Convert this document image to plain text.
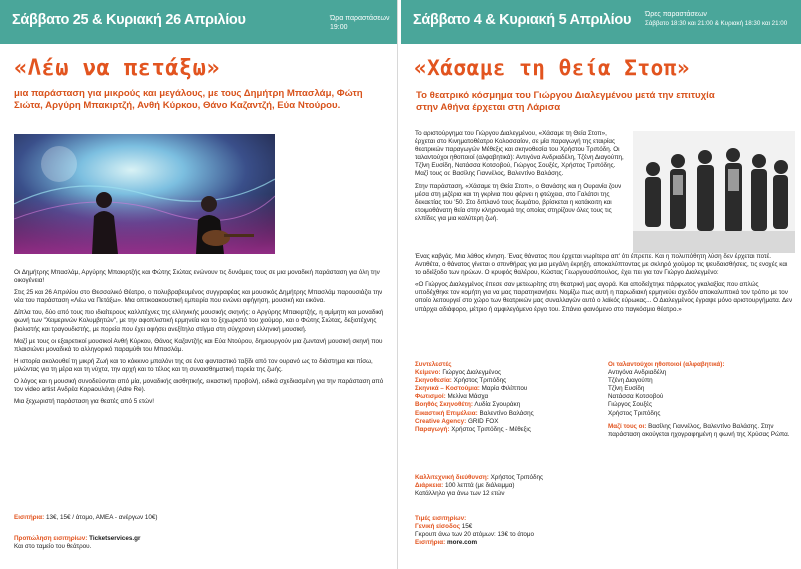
Σάββατο 25 & Κυριακή 26 Απριλίου	Ώρα παραστάσεων
19:00
«Λέω να πετάξω»
μια παράσταση για μικρούς και μεγάλους, με τους Δημήτρη Μπασλάμ, Φώτη Σιώτα, Αργύρη Μπακιρτζή, Ανθή Κύρκου, Θάνο Καζαντζή, Εύα Ντούρου.

Οι Δημήτρης Μπασλάμ, Αργύρης Μπακιρτζής και Φώτης Σιώτας ενώνουν τις δυνάμεις τους σε μια μοναδική παράσταση για όλη την οικογένεια!

Στις 25 και 26 Απριλίου στο Θεσσαλικό Θέατρο, ο πολυβραβευμένος συγγραφέας και μουσικός Δημήτρης Μπασλάμ παρουσιάζει την νέα του παράσταση «Λέω να Πετάξω». Μια οπτικοακουστική εμπειρία που ενώνει αφήγηση, μουσική και εικόνα.

Δίπλα του, δύο από τους πιο ιδιαίτερους καλλιτέχνες της ελληνικής μουσικής σκηνής: ο Αργύρης Μπακιρτζής, η αμίμητη και μοναδική φωνή των "Χειμερινών Κολυμβητών", με την αφοπλιστική ερμηνεία και το ξεχωριστό του χιούμορ, και ο Φώτης Σιώτας, δεξιοτέχνης βιολιστής και τραγουδιστής, με πορεία που έχει αφήσει ανεξίτηλο στίγμα στη σύγχρονη ελληνική μουσική.

Μαζί με τους οι εξαιρετικοί μουσικοί Ανθή Κύρκου, Θάνος Καζαντζής και Εύα Ντούρου, δημιουργούν μια ζωντανή μουσική σκηνή που πλαισιώνει μοναδικά το αλληγορικό παραμύθι του Μπασλάμ.

Η ιστορία ακολουθεί τη μικρή Ζωή και το κόκκινο μπαλόνι της σε ένα φανταστικό ταξίδι από τον ουρανό ως το διάστημα και πίσω, μιλώντας για τη μέρα και τη νύχτα, την αρχή και το τέλος και τη συναισθηματική πορεία της ζωής.

Ο λόγος και η μουσική συνοδεύονται από μία, μοναδικής αισθητικής, εικαστική προβολή, ειδικά σχεδιασμένη για την παράσταση από τον video artist Ανδρέα Καρaoυλάνη (Adre Re).

Μια ξεχωριστή παράσταση για θεατές από 5 ετών!

Εισιτήρια: 13€, 15€ / άτομο, ΑΜΕΑ - ανέργων 10€)
Προπώληση εισιτηρίων: Ticketservices.gr
Και στο ταμείο του θεάτρου.
Σάββατο 4 & Κυριακή 5 Απριλίου Ώρες παραστάσεων
Σάββατο 18:30 και 21:00 & Κυριακή 18:30 και 21:00
«Χάσαμε τη θεία Στοπ»
Το θεατρικό κόσμημα του Γιώργου Διαλεγμένου μετά την επιτυχία στην Αθήνα έρχεται στη Λάρισα

Το αριστούργημα του Γιώργου Διαλεγμένου, «Χάσαμε τη Θεία Στοπ», έρχεται στο Κινηματοθέατρο Κολοσσαίον, σε μία παραγωγή της εταιρίας θεατρικών παραγωγών Μέθεξις και σκηνοθεσία του Χρήστου Τριπόδη. Οι ταλαντούχοι ηθοποιοί (αλφαβητικά): Αντιγόνα Ανδριαδέλη, Τζένη Διαγούπη, Τζίνη Ευσίδη, Νατάσσα Κοτσοβού, Γιώργος Σουξές, Χρήστος Τριπόδης. Μαζί τους οι: Βασίλης Γιαννέλος, Βαλεντίνο Βαλάσης.

Στην παράσταση, «Χάσαμε τη Θεία Στοπ», ο Θανάσης και η Ουρανία ζουν μέσα στη μιζέρια και τη γκρίνια που φέρνει η φτώχεια, στο Γαλάτσι της δεκαετίας του '50. Στο διπλανό τους δωμάτιο, βρίσκεται η κατάκοιτη και ετοιμοθάνατη θεία στην κληρονομιά της οποίας στηρίζουν όλες τους τις ελπίδες για μια καλύτερη ζωή.

Ένας καβγάς. Μια λάθος κίνηση. Ένας θάνατος που έρχεται νωρίτερα απ' ότι έπρεπε. Και η πολυπόθητη λύση δεν έρχεται ποτέ. Αντιθέτα, ο θάνατος γίνεται ο σπινθήρας για μια μεγάλη έκρηξη, αποκαλύπτοντας με σκληρό χιούμορ τις ψευδαισθήσεις, τις ενοχές και το αδιέξοδο των ηρώων. Ο κρυφός θαλέρου, Κώστας Γεωργουσόπουλος, έχει πει για τον Γιώργο Διαλεγμένο:

«Ο Γιώργος Διαλεγμένος έπεσε σαν μετεωρίτης στη θεατρική μας αγορά. Και αποδείχτηκε πάρφωτος γκαλαξίας που απλώς υποδέχθηκε τον κομήτη για να μας παρατηκανήσει. Νομίζω πως αυτή η παρωδιακή ερμηνεύει σχεδόν αποκαλυπτικά τον τρόπο με τον οποίο λειτουργεί στο χώρο των θεατρικών μας συναλλαγών αυτό ο λαϊκός εύρωκας... Ο Διαλεγμένος έγραψε μόνο αριστουργήματα. Δεν υπάρχει αδιάφορο, μέτριο ή αμφιλεγόμενο έργο του. Σπάνιο φαινόμενο στο παγκόσμιο θέατρο.»

Συντελεστές
Κείμενο: Γιώργος Διαλεγμένος
Σκηνοθεσία: Χρήστος Τριπόδης
Σκηνικά – Κοστούμια: Μαρία Φιλίππου
Φωτισμοί: Μελίνα Μάσχα
Βοηθός Σκηνοθέτη: Λυδία Σγουράκη
Εικαστική Επιμέλεια: Βαλεντίνο Βαλάσης
Creative Agency: GRID FOX
Παραγωγή: Χρήστος Τριπόδης - Μέθεξις
Οι ταλαντούχοι ηθοποιοί (αλφαβητικά):
Αντιγόνα Ανδριαδέλη
Τζένη Διαγούπη
Τζίνη Ευσίδη
Νατάσσα Κοτσοβού
Γιώργος Σουξές
Χρήστος Τριπόδης
Μαζί τους οι: Βασίλης Γιαννέλος, Βαλεντίνο Βαλάσης. Στην παράσταση ακούγεται ηχογραφημένη η φωνή της Χρύσας Ρώπα.
Καλλιτεχνική διεύθυνση: Χρήστος Τριπόδης
Διάρκεια: 100 λεπτά (με διάλειμμα)
Κατάλληλο για άνω των 12 ετών
Τιμές εισιτηρίων:
Γενική είσοδος 15€
Γκρουπ άνω των 20 ατόμων: 13€ το άτομο
Εισιτήρια: more.com
